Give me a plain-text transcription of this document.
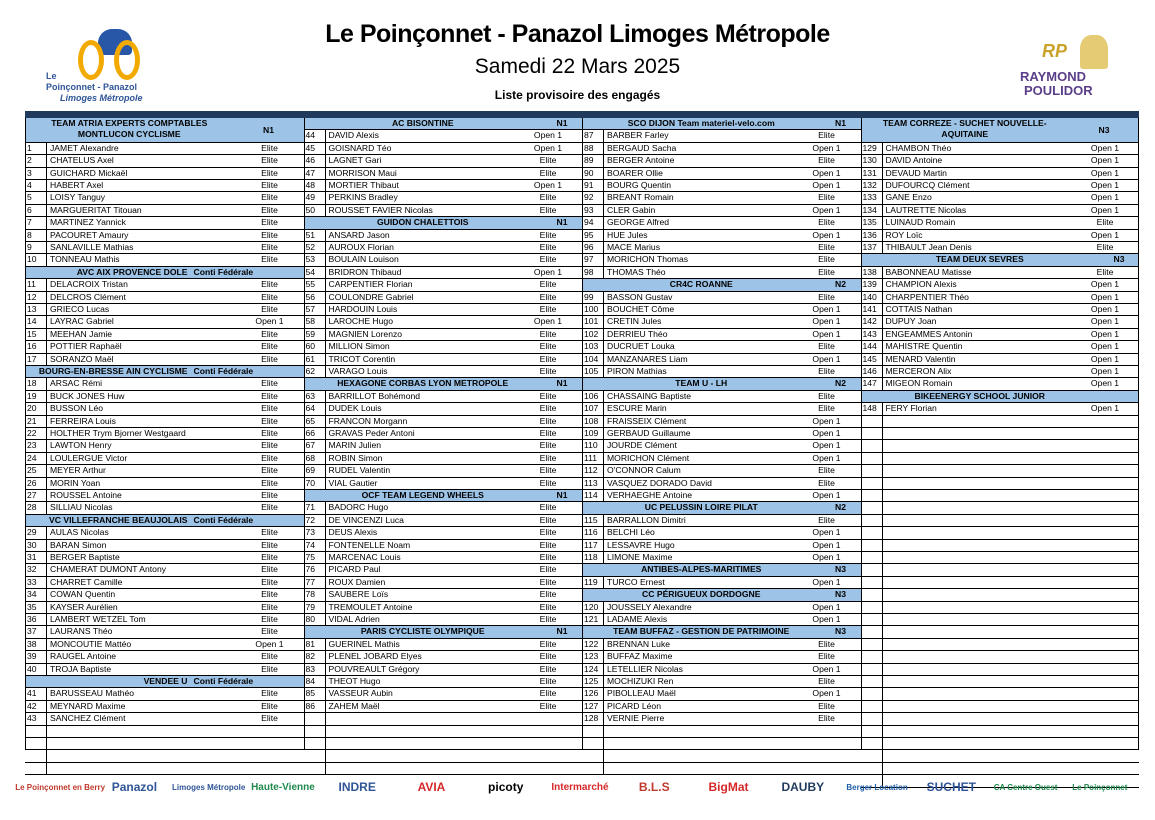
Le
Poinçonnet - Panazol
Limoges Métropole
Le Poinçonnet - Panazol Limoges Métropole
Samedi 22 Mars 2025
Liste provisoire des engagés
RP
RAYMOND
POULIDOR
TEAM ATRIA EXPERTS COMPTABLES MONTLUCON CYCLISME	N1
1	JAMET Alexandre	Elite
2	CHATELUS Axel	Elite
3	GUICHARD Mickaël	Elite
4	HABERT Axel	Elite
5	LOISY Tanguy	Elite
6	MARGUERITAT Titouan	Elite
7	MARTINEZ Yannick	Elite
8	PACOURET Amaury	Elite
9	SANLAVILLE Mathias	Elite
10	TONNEAU Mathis	Elite
AVC AIX PROVENCE DOLE Conti Fédérale
11	DELACROIX Tristan	Elite
12	DELCROS Clément	Elite
13	GRIECO Lucas	Elite
14	LAYRAC Gabriel	Open 1
15	MEEHAN Jamie	Elite
16	POTTIER Raphaël	Elite
17	SORANZO Maël	Elite
BOURG-EN-BRESSE AIN CYCLISME Conti Fédérale
18	ARSAC Rémi	Elite
19	BUCK JONES Huw	Elite
20	BUSSON Léo	Elite
21	FERREIRA Louis	Elite
22	HOLTHER Trym Bjorner Westgaard	Elite
23	LAWTON Henry	Elite
24	LOULERGUE Victor	Elite
25	MEYER Arthur	Elite
26	MORIN Yoan	Elite
27	ROUSSEL Antoine	Elite
28	SILLIAU Nicolas	Elite
VC VILLEFRANCHE BEAUJOLAIS Conti Fédérale
29	AULAS Nicolas	Elite
30	BARAN Simon	Elite
31	BERGER Baptiste	Elite
32	CHAMERAT DUMONT Antony	Elite
33	CHARRET Camille	Elite
34	COWAN Quentin	Elite
35	KAYSER Aurélien	Elite
36	LAMBERT WETZEL Tom	Elite
37	LAURANS Théo	Elite
38	MONCOUTIE Mattéo	Open 1
39	RAUGEL Antoine	Elite
40	TROJA Baptiste	Elite
VENDEE U Conti Fédérale
41	BARUSSEAU Mathéo	Elite
42	MEYNARD Maxime	Elite
43	SANCHEZ Clément	Elite
AC BISONTINE	N1
44	DAVID Alexis	Open 1
45	GOISNARD Téo	Open 1
46	LAGNET Gari	Elite
47	MORRISON Maui	Elite
48	MORTIER Thibaut	Open 1
49	PERKINS Bradley	Elite
50	ROUSSET FAVIER Nicolas	Elite
GUIDON CHALETTOIS	N1
51	ANSARD Jason	Elite
52	AUROUX Florian	Elite
53	BOULAIN Louison	Elite
54	BRIDRON Thibaud	Open 1
55	CARPENTIER Florian	Elite
56	COULONDRE Gabriel	Elite
57	HARDOUIN Louis	Elite
58	LAROCHE Hugo	Open 1
59	MAGNIEN Lorenzo	Elite
60	MILLION Simon	Elite
61	TRICOT Corentin	Elite
62	VARAGO Louis	Elite
HEXAGONE CORBAS LYON METROPOLE	N1
63	BARRILLOT Bohémond	Elite
64	DUDEK Louis	Elite
65	FRANCON Morgann	Elite
66	GRAVAS Peder Antoni	Elite
67	MARIN Julien	Elite
68	ROBIN Simon	Elite
69	RUDEL Valentin	Elite
70	VIAL Gautier	Elite
OCF TEAM LEGEND WHEELS	N1
71	BADORC Hugo	Elite
72	DE VINCENZI Luca	Elite
73	DEUS Alexis	Elite
74	FONTENELLE Noam	Elite
75	MARCENAC Louis	Elite
76	PICARD Paul	Elite
77	ROUX Damien	Elite
78	SAUBERE Loïs	Elite
79	TREMOULET Antoine	Elite
80	VIDAL Adrien	Elite
PARIS CYCLISTE OLYMPIQUE	N1
81	GUERINEL Mathis	Elite
82	PLENEL JOBARD Elyes	Elite
83	POUVREAULT Grégory	Elite
84	THEOT Hugo	Elite
85	VASSEUR Aubin	Elite
86	ZAHEM Maël	Elite
SCO DIJON Team materiel-velo.com	N1
87	BARBER Farley	Elite
88	BERGAUD Sacha	Open 1
89	BERGER Antoine	Elite
90	BOARER Ollie	Open 1
91	BOURG Quentin	Open 1
92	BREANT Romain	Elite
93	CLER Gabin	Open 1
94	GEORGE Alfred	Elite
95	HUE Jules	Open 1
96	MACE Marius	Elite
97	MORICHON Thomas	Elite
98	THOMAS Théo	Elite
CR4C ROANNE	N2
99	BASSON Gustav	Elite
100	BOUCHET Côme	Open 1
101	CRETIN Jules	Open 1
102	DERRIEU Théo	Open 1
103	DUCRUET Louka	Elite
104	MANZANARES Liam	Open 1
105	PIRON Mathias	Elite
TEAM U - LH	N2
106	CHASSAING Baptiste	Elite
107	ESCURE Marin	Elite
108	FRAISSEIX Clément	Open 1
109	GERBAUD Guillaume	Open 1
110	JOURDE Clément	Open 1
111	MORICHON Clément	Open 1
112	O'CONNOR Calum	Elite
113	VASQUEZ DORADO David	Elite
114	VERHAEGHE Antoine	Open 1
UC PELUSSIN LOIRE PILAT	N2
115	BARRALLON Dimitri	Elite
116	BELCHI Léo	Open 1
117	LESSAVRE Hugo	Open 1
118	LIMONE Maxime	Open 1
ANTIBES-ALPES-MARITIMES	N3
119	TURCO Ernest	Open 1
CC PÉRIGUEUX DORDOGNE	N3
120	JOUSSELY Alexandre	Open 1
121	LADAME Alexis	Open 1
TEAM BUFFAZ - GESTION DE PATRIMOINE	N3
122	BRENNAN Luke	Elite
123	BUFFAZ Maxime	Elite
124	LETELLIER Nicolas	Open 1
125	MOCHIZUKI Ren	Elite
126	PIBOLLEAU Maël	Open 1
127	PICARD Léon	Elite
128	VERNIE Pierre	Elite
TEAM CORREZE - SUCHET NOUVELLE-AQUITAINE	N3
129	CHAMBON Théo	Open 1
130	DAVID Antoine	Open 1
131	DEVAUD Martin	Open 1
132	DUFOURCQ Clément	Open 1
133	GANE Enzo	Open 1
134	LAUTRETTE Nicolas	Open 1
135	LUINAUD Romain	Elite
136	ROY Loïc	Open 1
137	THIBAULT Jean Denis	Elite
TEAM DEUX SEVRES	N3
138	BABONNEAU Matisse	Elite
139	CHAMPION Alexis	Open 1
140	CHARPENTIER Théo	Open 1
141	COTTAIS Nathan	Open 1
142	DUPUY Joan	Open 1
143	ENGEAMMES Antonin	Open 1
144	MAHISTRE Quentin	Open 1
145	MENARD Valentin	Open 1
146	MERCERON Alix	Open 1
147	MIGEON Romain	Open 1
BIKEENERGY SCHOOL JUNIOR
148	FERY Florian	Open 1
Le Poinçonnet en Berry Panazol	Limoges Métropole Haute-Vienne	INDRE	AVIA	picoty	Intermarché	B.L.S	BigMat	DAUBY	Berger Location	SUCHET	CA Centre Ouest	Le Poinçonnet
